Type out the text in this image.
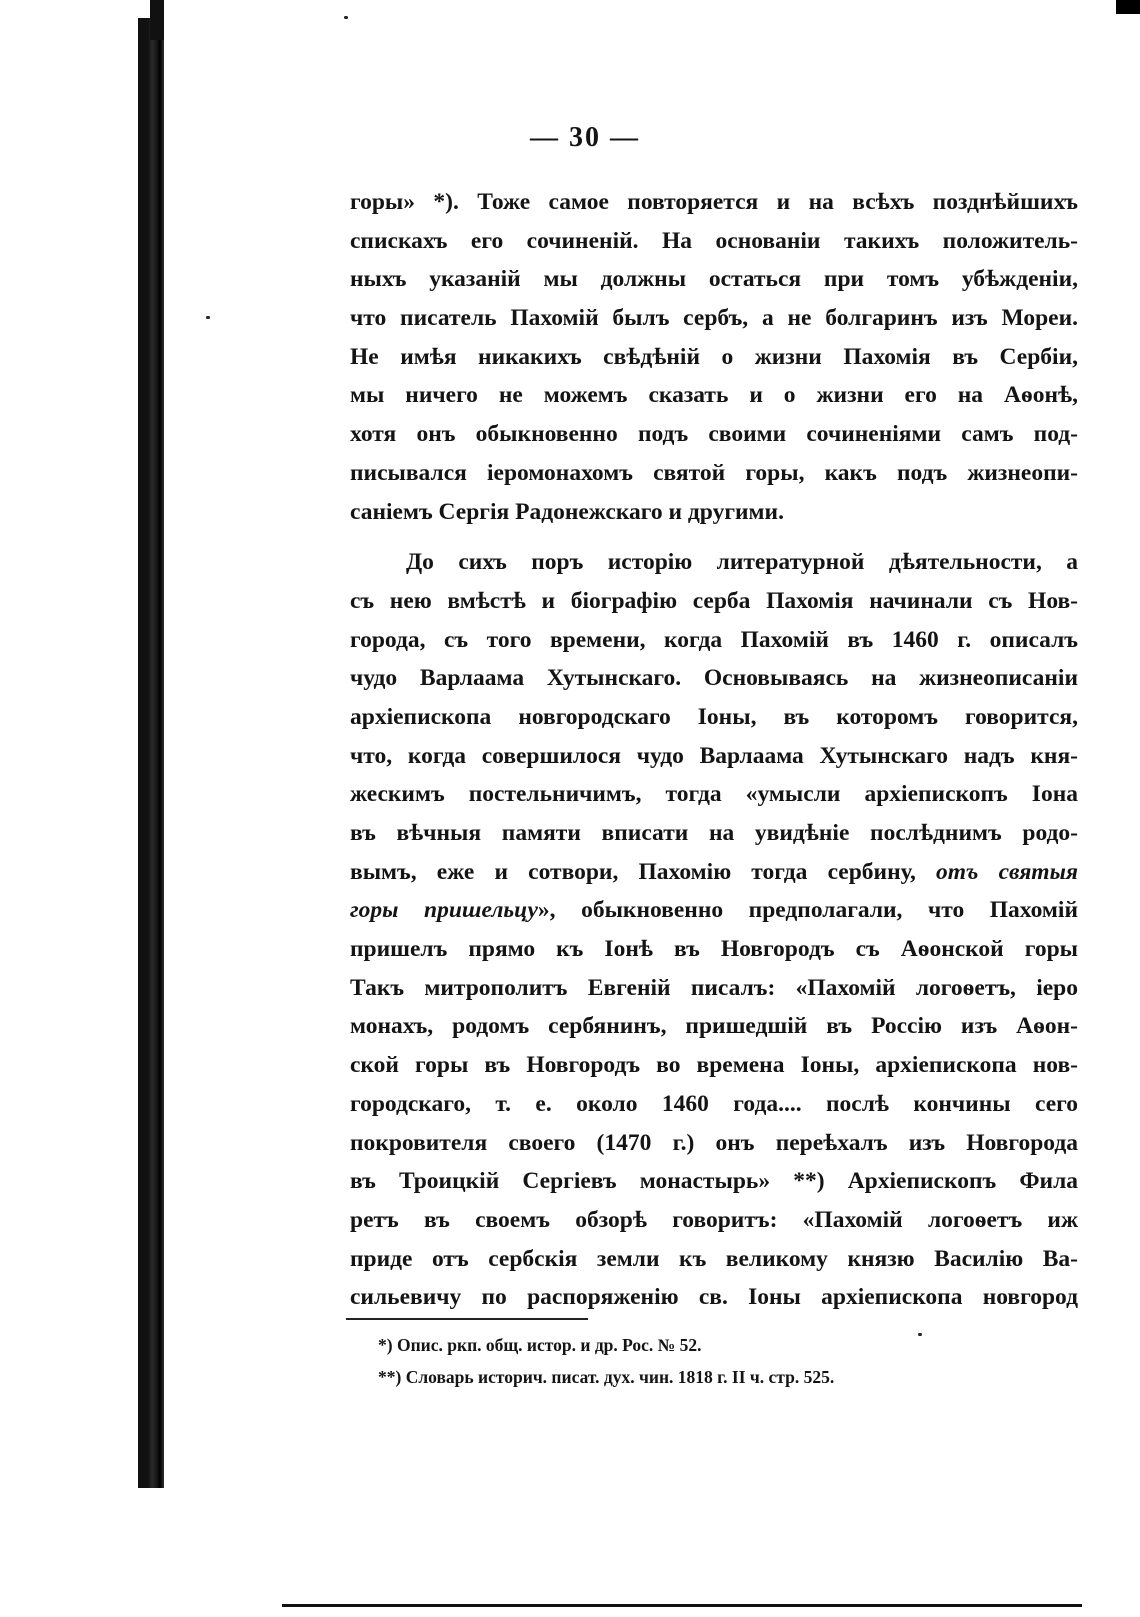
— 30 —
горы» *). Тоже самое повторяется и на всѣхъ позднѣйшихъ
спискахъ его сочиненій. На основаніи такихъ положитель-
ныхъ указаній мы должны остаться при томъ убѣжденіи,
что писатель Пахомій былъ сербъ, а не болгаринъ изъ Мореи.
Не имѣя никакихъ свѣдѣній о жизни Пахомія въ Сербіи,
мы ничего не можемъ сказать и о жизни его на Аѳонѣ,
хотя онъ обыкновенно подъ своими сочиненіями самъ под-
писывался іеромонахомъ святой горы, какъ подъ жизнеопи-
саніемъ Сергія Радонежскаго и другими.
До сихъ поръ исторію литературной дѣятельности, а
съ нею вмѣстѣ и біографію серба Пахомія начинали съ Нов-
города, съ того времени, когда Пахомій въ 1460 г. описалъ
чудо Варлаама Хутынскаго. Основываясь на жизнеописаніи
архіепископа новгородскаго Іоны, въ которомъ говорится,
что, когда совершилося чудо Варлаама Хутынскаго надъ кня-
жескимъ постельничимъ, тогда «умысли архіепископъ Іона
въ вѣчныя памяти вписати на увидѣніе послѣднимъ родо-
вымъ, еже и сотвори, Пахомію тогда сербину, отъ святыя
горы пришельцу», обыкновенно предполагали, что Пахомій
пришелъ прямо къ Іонѣ въ Новгородъ съ Аѳонской горы
Такъ митрополитъ Евгеній писалъ: «Пахомій логоѳетъ, іеро
монахъ, родомъ сербянинъ, пришедшій въ Россію изъ Аѳон-
ской горы въ Новгородъ во времена Іоны, архіепископа нов-
городскаго, т. е. около 1460 года.... послѣ кончины сего
покровителя своего (1470 г.) онъ переѣхалъ изъ Новгорода
въ Троицкій Сергіевъ монастырь» **) Архіепископъ Фила
ретъ въ своемъ обзорѣ говоритъ: «Пахомій логоѳетъ иж
приде отъ сербскія земли къ великому князю Василію Ва-
сильевичу по распоряженію св. Іоны архіепископа новгород
*) Опис. ркп. общ. истор. и др. Рос. № 52.
**) Словарь историч. писат. дух. чин. 1818 г. II ч. стр. 525.
